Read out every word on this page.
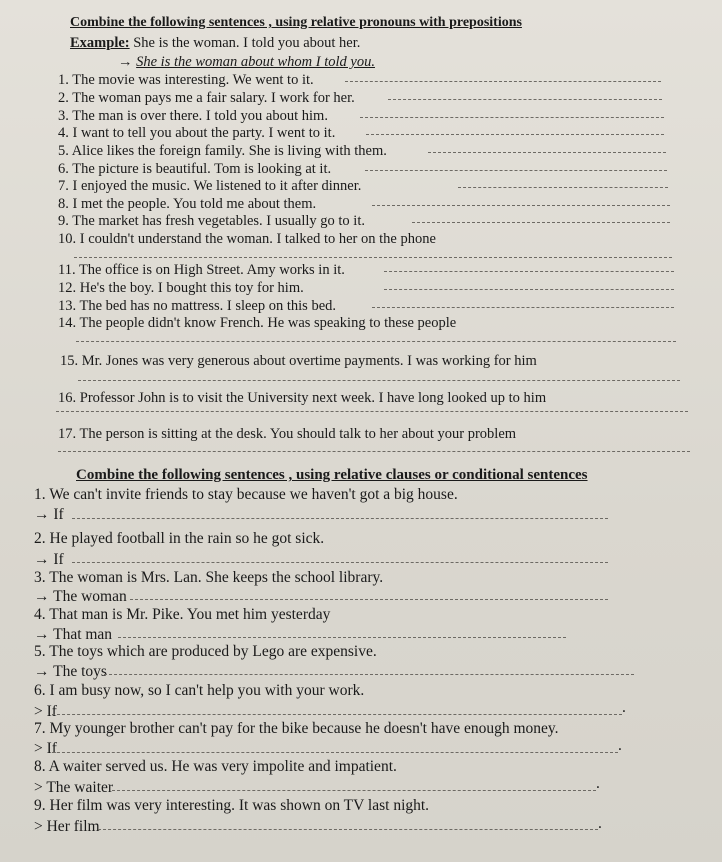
Combine the following sentences , using relative pronouns with prepositions
Example: She is the woman. I told you about her.
→ She is the woman about whom I told you.
1. The movie was interesting. We went to it.
2. The woman pays me a fair salary. I work for her.
3. The man is over there. I told you about him.
4. I want to tell you about the party. I went to it.
5. Alice likes the foreign family. She is living with them.
6. The picture is beautiful. Tom is looking at it.
7. I enjoyed the music. We listened to it after dinner.
8. I met the people. You told me about them.
9. The market has fresh vegetables. I usually go to it.
10. I couldn't understand the woman. I talked to her on the phone
11. The office is on High Street. Amy works in it.
12. He's the boy. I bought this toy for him.
13. The bed has no mattress. I sleep on this bed.
14. The people didn't know French. He was speaking to these people
15. Mr. Jones was very generous about overtime payments. I was working for him
16. Professor John is to visit the University next week. I have long looked up to him
17. The person is sitting at the desk. You should talk to her about your problem
Combine the following sentences , using relative clauses or conditional sentences
1. We can't invite friends to stay because we haven't got a big house.
→ If
2. He played football in the rain so he got sick.
→ If
3. The woman is Mrs. Lan. She keeps the school library.
→ The woman
4. That man is Mr. Pike. You met him yesterday
→ That man
5. The toys which are produced by Lego are expensive.
→ The toys
6. I am busy now, so I can't help you with your work.
> If	.
7. My younger brother can't pay for the bike because he doesn't have enough money.
> If	.
8. A waiter served us. He was very impolite and impatient.
> The waiter	.
9. Her film was very interesting. It was shown on TV last night.
> Her film	.
